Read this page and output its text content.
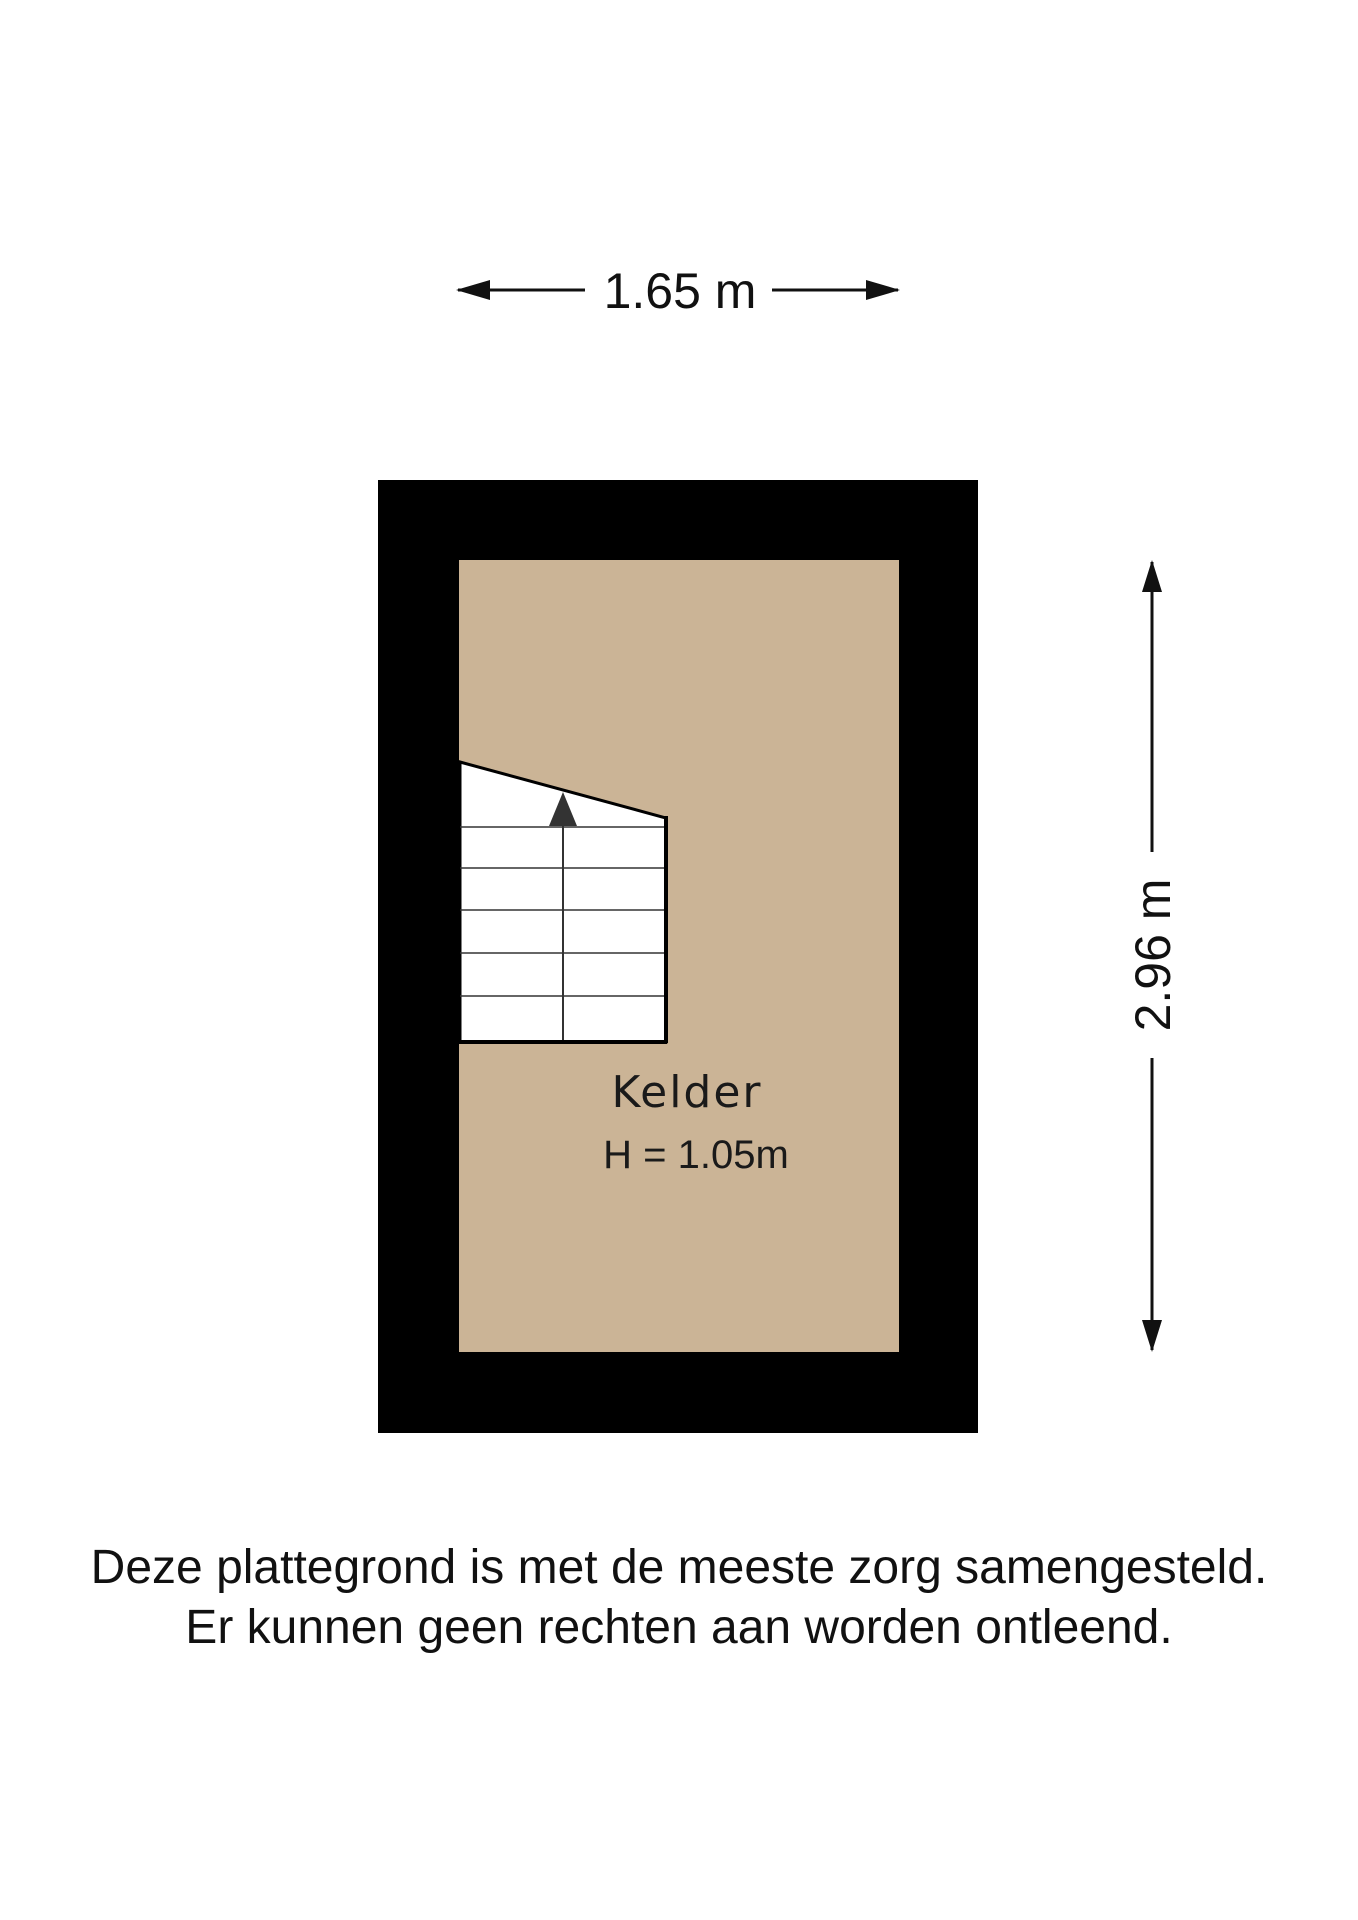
1.65 m
2.96 m
Kelder
H = 1.05m
Deze plattegrond is met de meeste zorg samengesteld.
Er kunnen geen rechten aan worden ontleend.
